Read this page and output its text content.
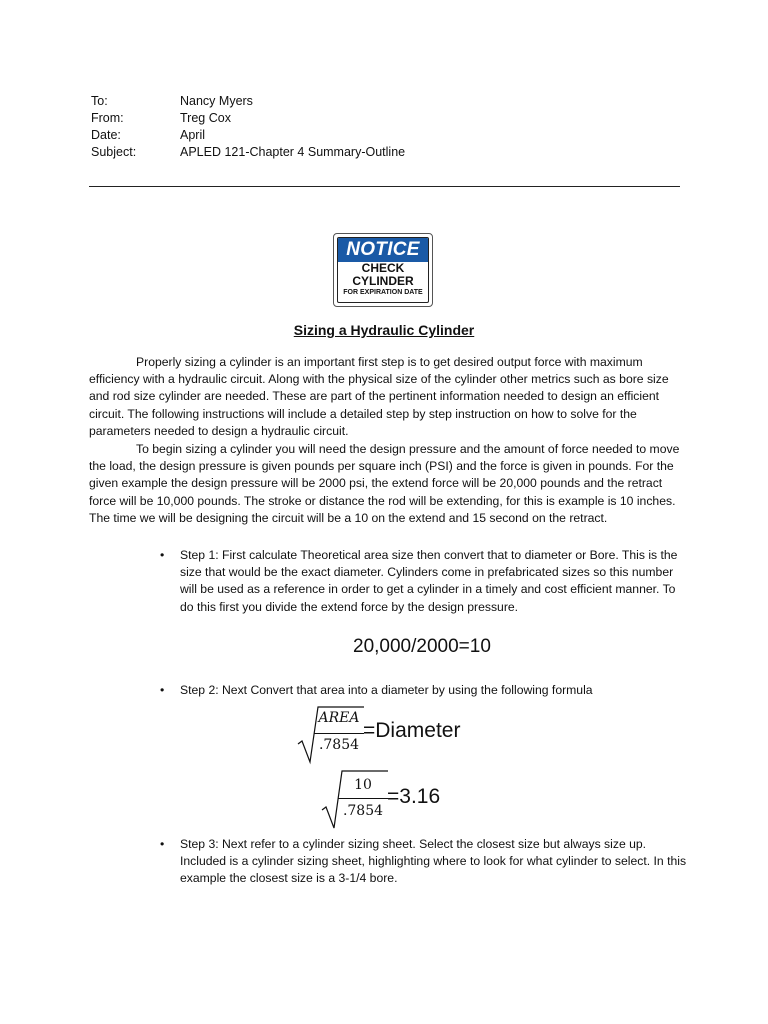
To:	Nancy Myers
From:	Treg Cox
Date:	April
Subject:	APLED 121-Chapter 4 Summary-Outline
NOTICE
CHECK
CYLINDER
FOR EXPIRATION DATE
Sizing a Hydraulic Cylinder

Properly sizing a cylinder is an important first step is to get desired output force with maximum efficiency with a hydraulic circuit. Along with the physical size of the cylinder other metrics such as bore size and rod size cylinder are needed. These are part of the pertinent information needed to design an efficient circuit. The following instructions will include a detailed step by step instruction on how to solve for the parameters needed to design a hydraulic circuit.

To begin sizing a cylinder you will need the design pressure and the amount of force needed to move the load, the design pressure is given pounds per square inch (PSI) and the force is given in pounds. For the given example the design pressure will be 2000 psi, the extend force will be 20,000 pounds and the retract force will be 10,000 pounds. The stroke or distance the rod will be extending, for this is example is 10 inches. The time we will be designing the circuit will be a 10 on the extend and 15 second on the retract.

• Step 1: First calculate Theoretical area size then convert that to diameter or Bore. This is the size that would be the exact diameter. Cylinders come in prefabricated sizes so this number will be used as a reference in order to get a cylinder in a timely and cost efficient manner. To do this first you divide the extend force by the design pressure.
20,000/2000=10
• Step 2: Next Convert that area into a diameter by using the following formula
AREA
.7854
=Diameter
10
.7854
=3.16
• Step 3: Next refer to a cylinder sizing sheet. Select the closest size but always size up. Included is a cylinder sizing sheet, highlighting where to look for what cylinder to select. In this example the closest size is a 3-1/4 bore.
